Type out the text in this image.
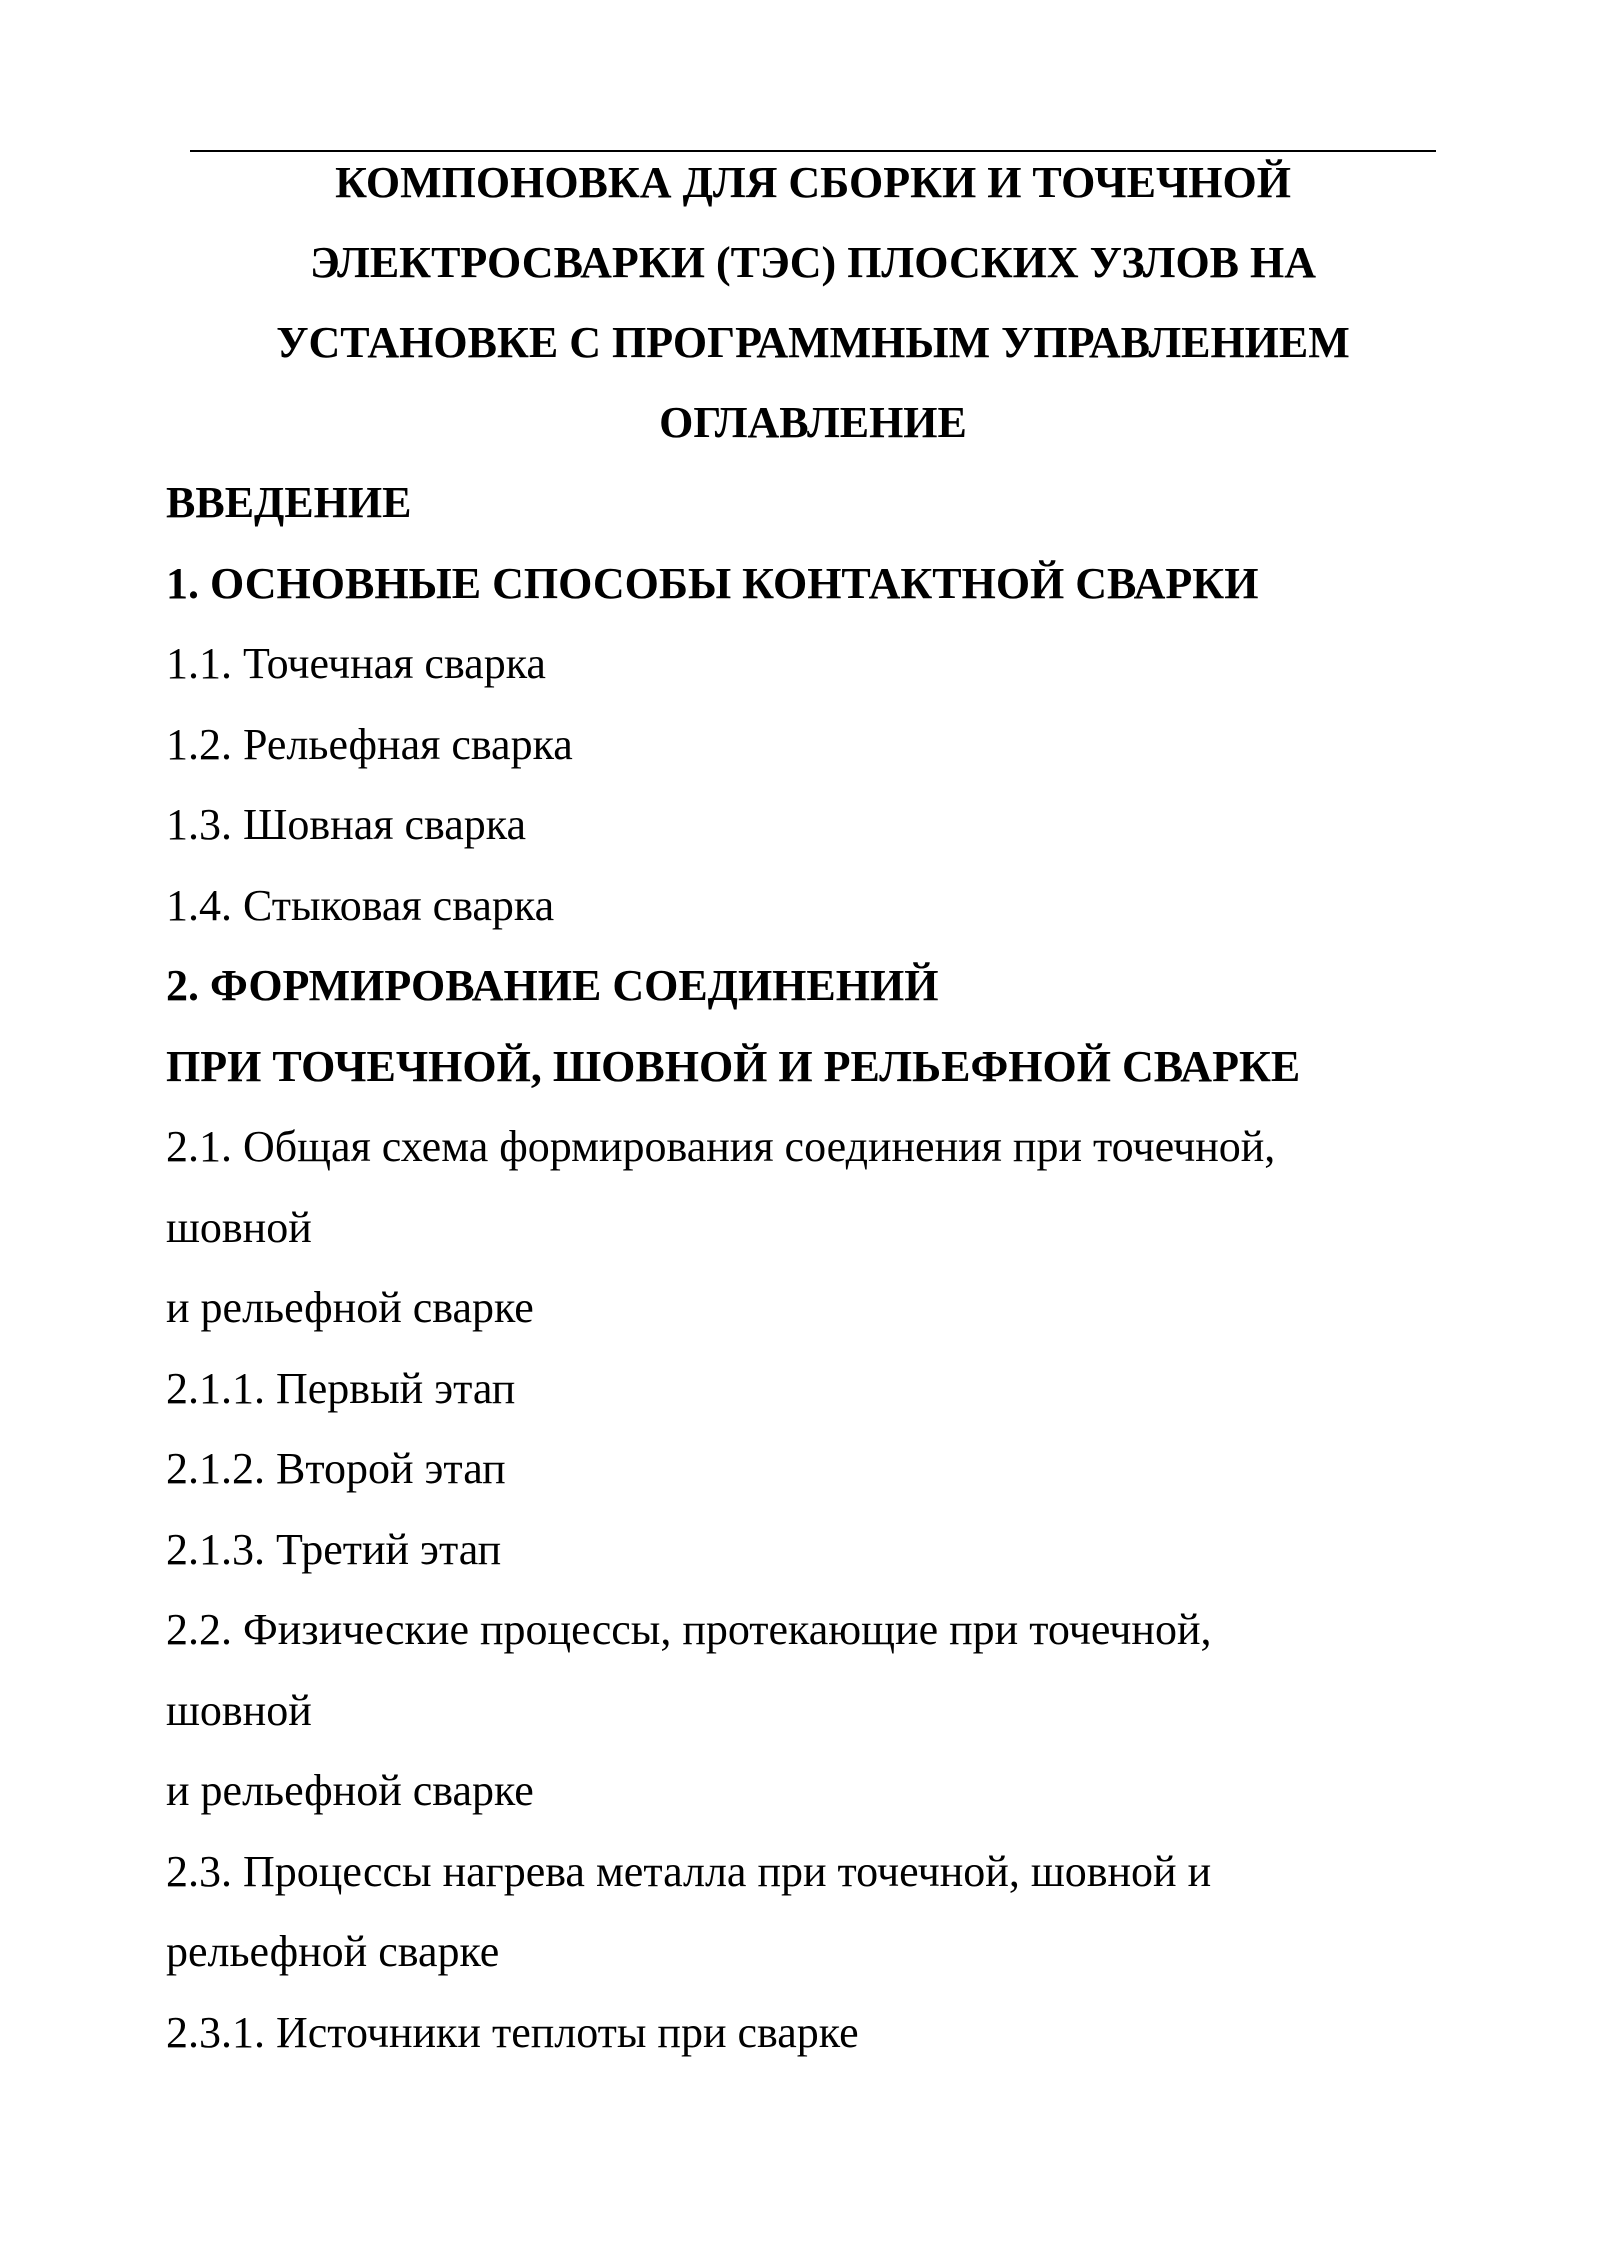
КОМПОНОВКА ДЛЯ СБОРКИ И ТОЧЕЧНОЙ
ЭЛЕКТРОСВАРКИ (ТЭС) ПЛОСКИХ УЗЛОВ НА
УСТАНОВКЕ С ПРОГРАММНЫМ УПРАВЛЕНИЕМ
ОГЛАВЛЕНИЕ
ВВЕДЕНИЕ
1. ОСНОВНЫЕ СПОСОБЫ КОНТАКТНОЙ СВАРКИ
1.1. Точечная сварка
1.2. Рельефная сварка
1.3. Шовная сварка
1.4. Стыковая сварка
2. ФОРМИРОВАНИЕ СОЕДИНЕНИЙ
ПРИ ТОЧЕЧНОЙ, ШОВНОЙ И РЕЛЬЕФНОЙ СВАРКЕ
2.1. Общая схема формирования соединения при точечной,
шовной
и рельефной сварке
2.1.1. Первый этап
2.1.2. Второй этап
2.1.3. Третий этап
2.2. Физические процессы, протекающие при точечной,
шовной
и рельефной сварке
2.3. Процессы нагрева металла при точечной, шовной и
рельефной сварке
2.3.1. Источники теплоты при сварке
